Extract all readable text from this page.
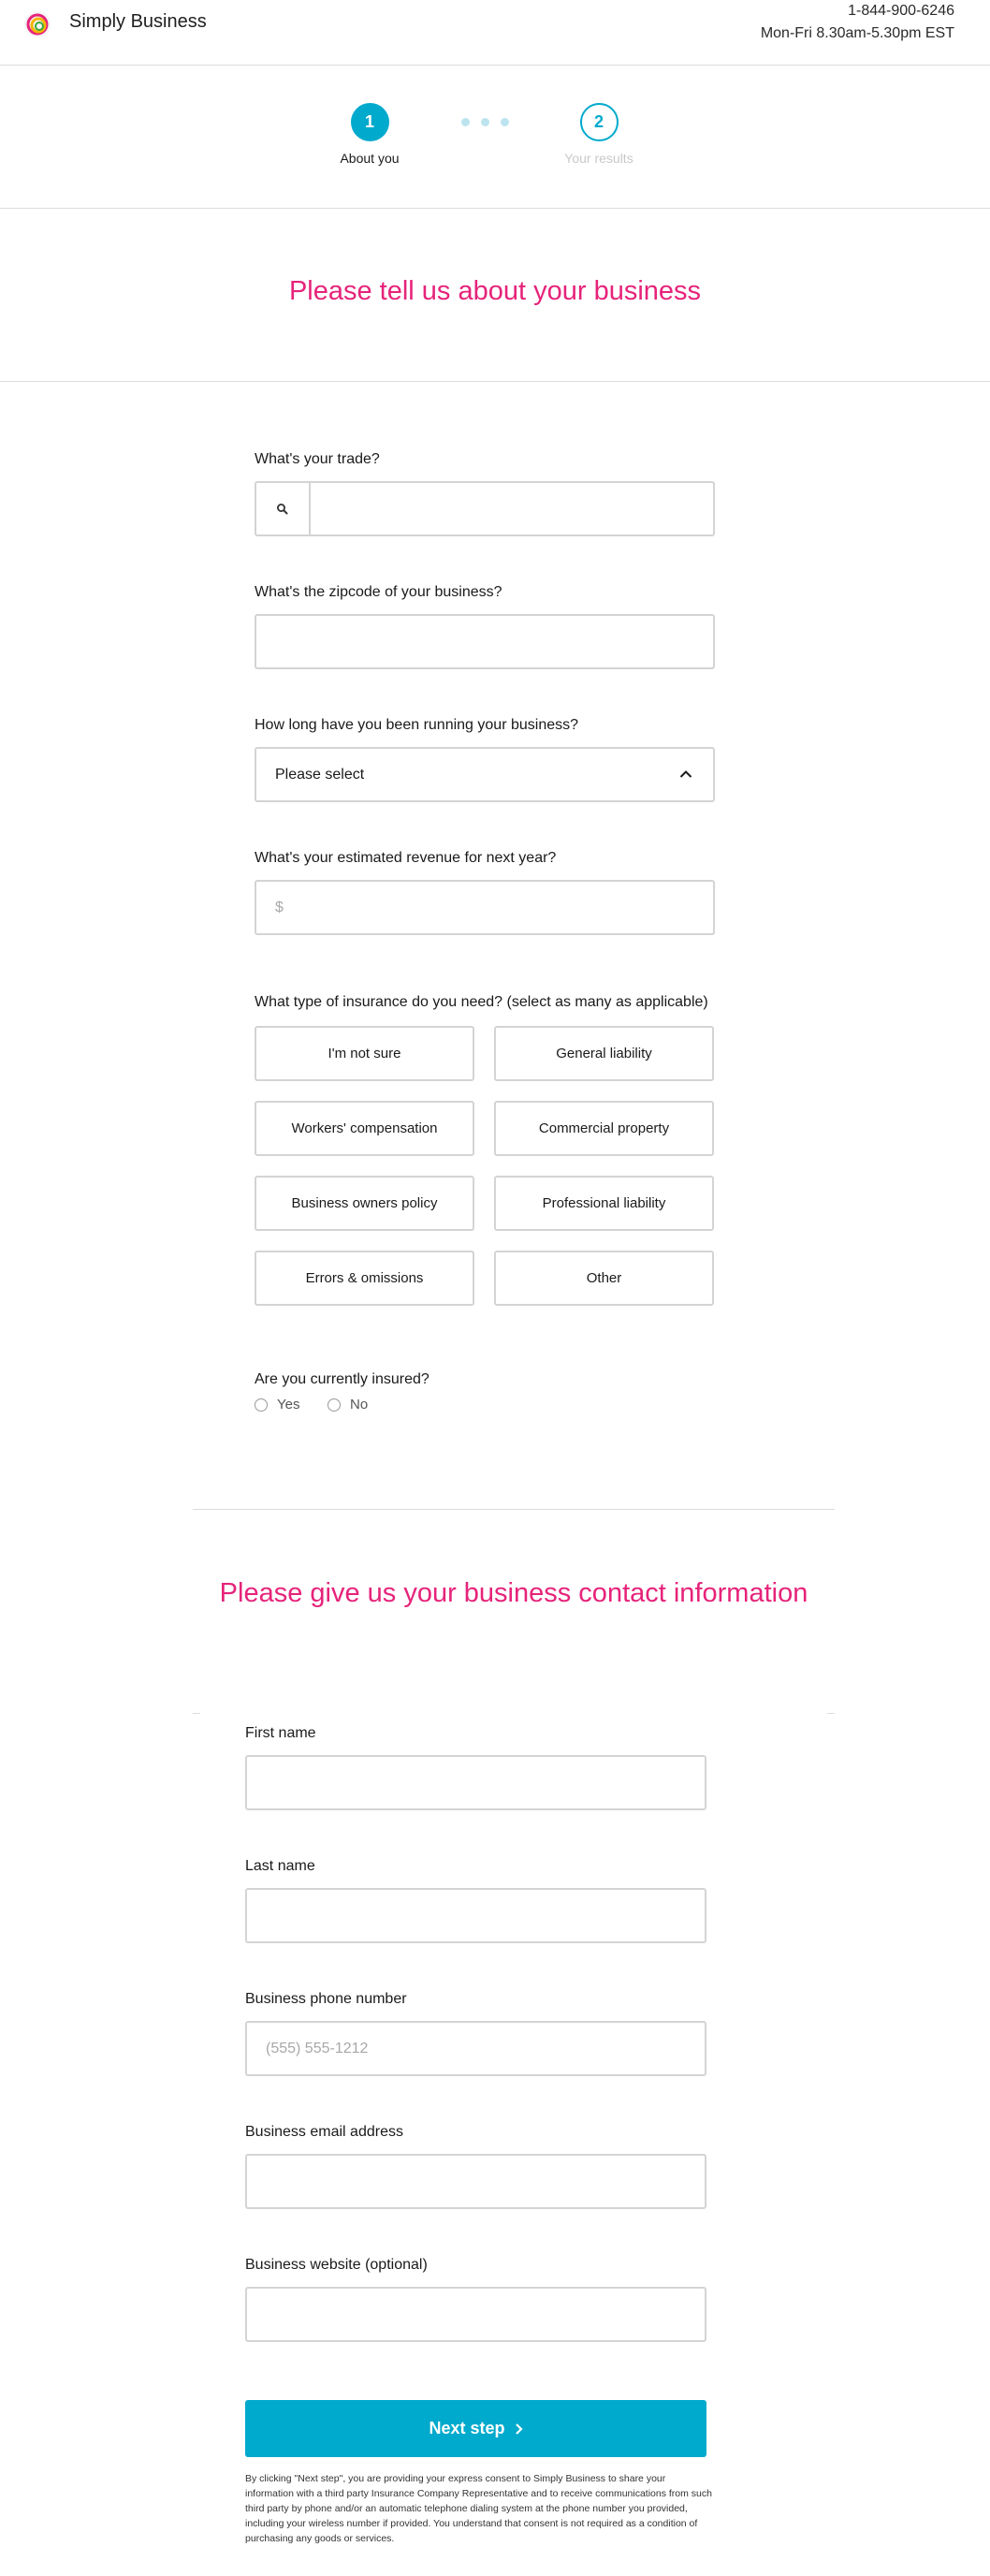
Simply Business
1-844-900-6246
Mon-Fri 8.30am-5.30pm EST
1
About you
2
Your results
Please tell us about your business
What's your trade?
What's the zipcode of your business?
How long have you been running your business?
Please select
What's your estimated revenue for next year?
$
What type of insurance do you need? (select as many as applicable)
I'm not sure	General liability
Workers' compensation	Commercial property
Business owners policy	Professional liability
Errors & omissions	Other
Are you currently insured?
Yes	No
Please give us your business contact information
First name
Last name
Business phone number
(555) 555-1212
Business email address
Business website (optional)
Next step
By clicking "Next step", you are providing your express consent to Simply Business to share your information with a third party Insurance Company Representative and to receive communications from such third party by phone and/or an automatic telephone dialing system at the phone number you provided, including your wireless number if provided. You understand that consent is not required as a condition of purchasing any goods or services.
